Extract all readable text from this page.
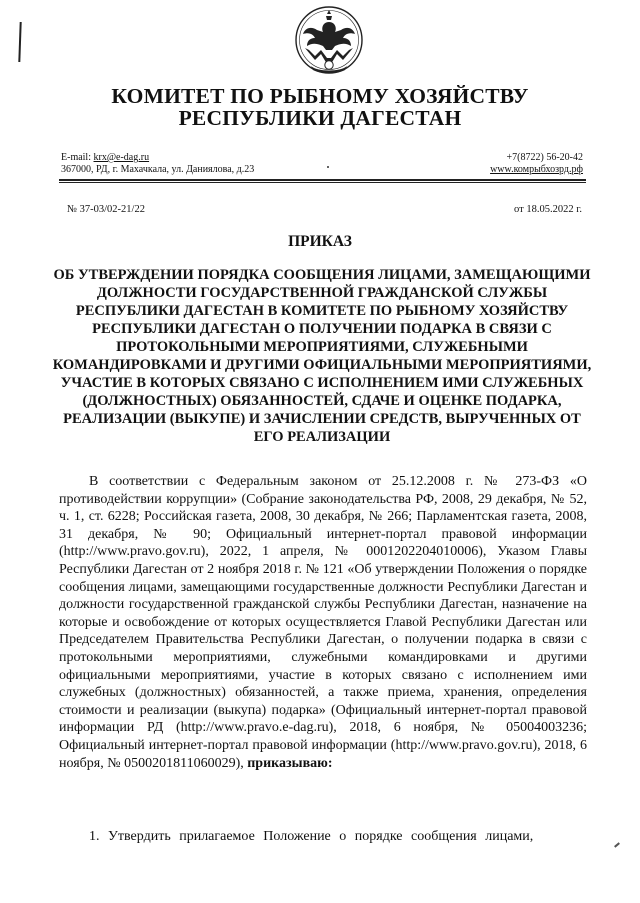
КОМИТЕТ ПО РЫБНОМУ ХОЗЯЙСТВУ
РЕСПУБЛИКИ ДАГЕСТАН
E-mail: krx@e-dag.ru
367000, РД, г. Махачкала, ул. Даниялова, д.23
+7(8722) 56-20-42
www.комрыбхозрд.рф
№ 37-03/02-21/22	от 18.05.2022 г.
ПРИКАЗ

ОБ УТВЕРЖДЕНИИ ПОРЯДКА СООБЩЕНИЯ ЛИЦАМИ, ЗАМЕЩАЮЩИМИ ДОЛЖНОСТИ ГОСУДАРСТВЕННОЙ ГРАЖДАНСКОЙ СЛУЖБЫ РЕСПУБЛИКИ ДАГЕСТАН В КОМИТЕТЕ ПО РЫБНОМУ ХОЗЯЙСТВУ РЕСПУБЛИКИ ДАГЕСТАН О ПОЛУЧЕНИИ ПОДАРКА В СВЯЗИ С ПРОТОКОЛЬНЫМИ МЕРОПРИЯТИЯМИ, СЛУЖЕБНЫМИ КОМАНДИРОВКАМИ И ДРУГИМИ ОФИЦИАЛЬНЫМИ МЕРОПРИЯТИЯМИ, УЧАСТИЕ В КОТОРЫХ СВЯЗАНО С ИСПОЛНЕНИЕМ ИМИ СЛУЖЕБНЫХ (ДОЛЖНОСТНЫХ) ОБЯЗАННОСТЕЙ, СДАЧЕ И ОЦЕНКЕ ПОДАРКА, РЕАЛИЗАЦИИ (ВЫКУПЕ) И ЗАЧИСЛЕНИИ СРЕДСТВ, ВЫРУЧЕННЫХ ОТ ЕГО РЕАЛИЗАЦИИ

В соответствии с Федеральным законом от 25.12.2008 г. № 273-ФЗ «О противодействии коррупции» (Собрание законодательства РФ, 2008, 29 декабря, № 52, ч. 1, ст. 6228; Российская газета, 2008, 30 декабря, № 266; Парламентская газета, 2008, 31 декабря, № 90; Официальный интернет-портал правовой информации (http://www.pravo.gov.ru), 2022, 1 апреля, № 0001202204010006), Указом Главы Республики Дагестан от 2 ноября 2018 г. № 121 «Об утверждении Положения о порядке сообщения лицами, замещающими государственные должности Республики Дагестан и должности государственной гражданской службы Республики Дагестан, назначение на которые и освобождение от которых осуществляется Главой Республики Дагестан или Председателем Правительства Республики Дагестан, о получении подарка в связи с протокольными мероприятиями, служебными командировками и другими официальными мероприятиями, участие в которых связано с исполнением ими служебных (должностных) обязанностей, а также приема, хранения, определения стоимости и реализации (выкупа) подарка» (Официальный интернет-портал правовой информации РД (http://www.pravo.e-dag.ru), 2018, 6 ноября, № 05004003236; Официальный интернет-портал правовой информации (http://www.pravo.gov.ru), 2018, 6 ноября, № 0500201811060029), приказываю:

1. Утвердить прилагаемое Положение о порядке сообщения лицами,
